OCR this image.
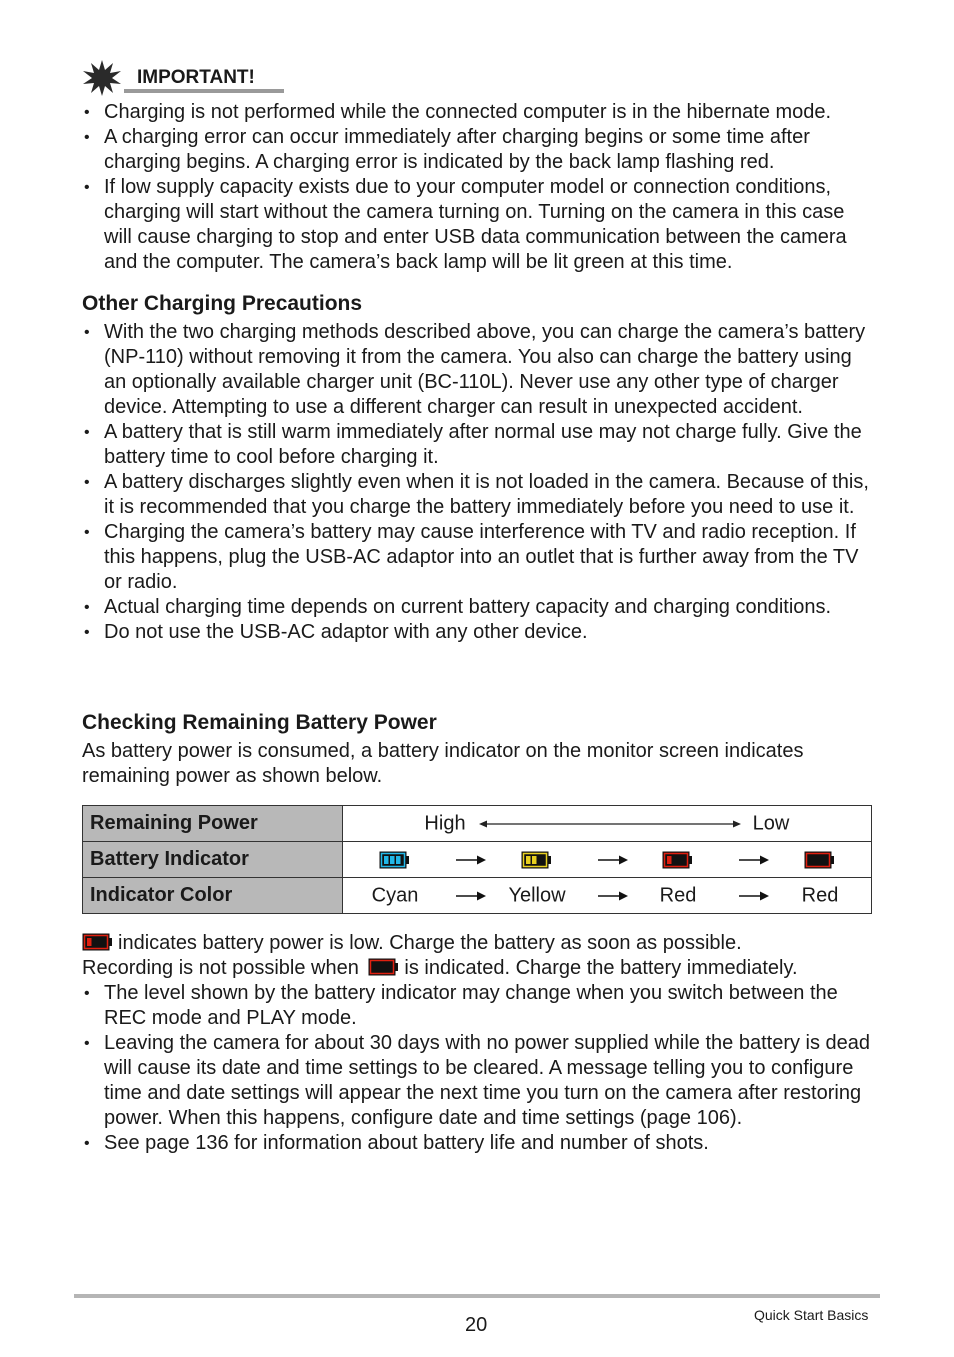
IMPORTANT!
• Charging is not performed while the connected computer is in the hibernate mode.
• A charging error can occur immediately after charging begins or some time after charging begins. A charging error is indicated by the back lamp flashing red.
• If low supply capacity exists due to your computer model or connection conditions, charging will start without the camera turning on. Turning on the camera in this case will cause charging to stop and enter USB data communication between the camera and the computer. The camera’s back lamp will be lit green at this time.
Other Charging Precautions
• With the two charging methods described above, you can charge the camera’s battery (NP-110) without removing it from the camera. You also can charge the battery using an optionally available charger unit (BC-110L). Never use any other type of charger device. Attempting to use a different charger can result in unexpected accident.
• A battery that is still warm immediately after normal use may not charge fully. Give the battery time to cool before charging it.
• A battery discharges slightly even when it is not loaded in the camera. Because of this, it is recommended that you charge the battery immediately before you need to use it.
• Charging the camera’s battery may cause interference with TV and radio reception. If this happens, plug the USB-AC adaptor into an outlet that is further away from the TV or radio.
• Actual charging time depends on current battery capacity and charging conditions.
• Do not use the USB-AC adaptor with any other device.
Checking Remaining Battery Power
As battery power is consumed, a battery indicator on the monitor screen indicates remaining power as shown below.
Remaining Power	High Low

Battery Indicator	

Indicator Color	Cyan Yellow Red Red
indicates battery power is low. Charge the battery as soon as possible.
Recording is not possible when is indicated. Charge the battery immediately.
• The level shown by the battery indicator may change when you switch between the REC mode and PLAY mode.
• Leaving the camera for about 30 days with no power supplied while the battery is dead will cause its date and time settings to be cleared. A message telling you to configure time and date settings will appear the next time you turn on the camera after restoring power. When this happens, configure date and time settings (page 106).
• See page 136 for information about battery life and number of shots.
20	Quick Start Basics
